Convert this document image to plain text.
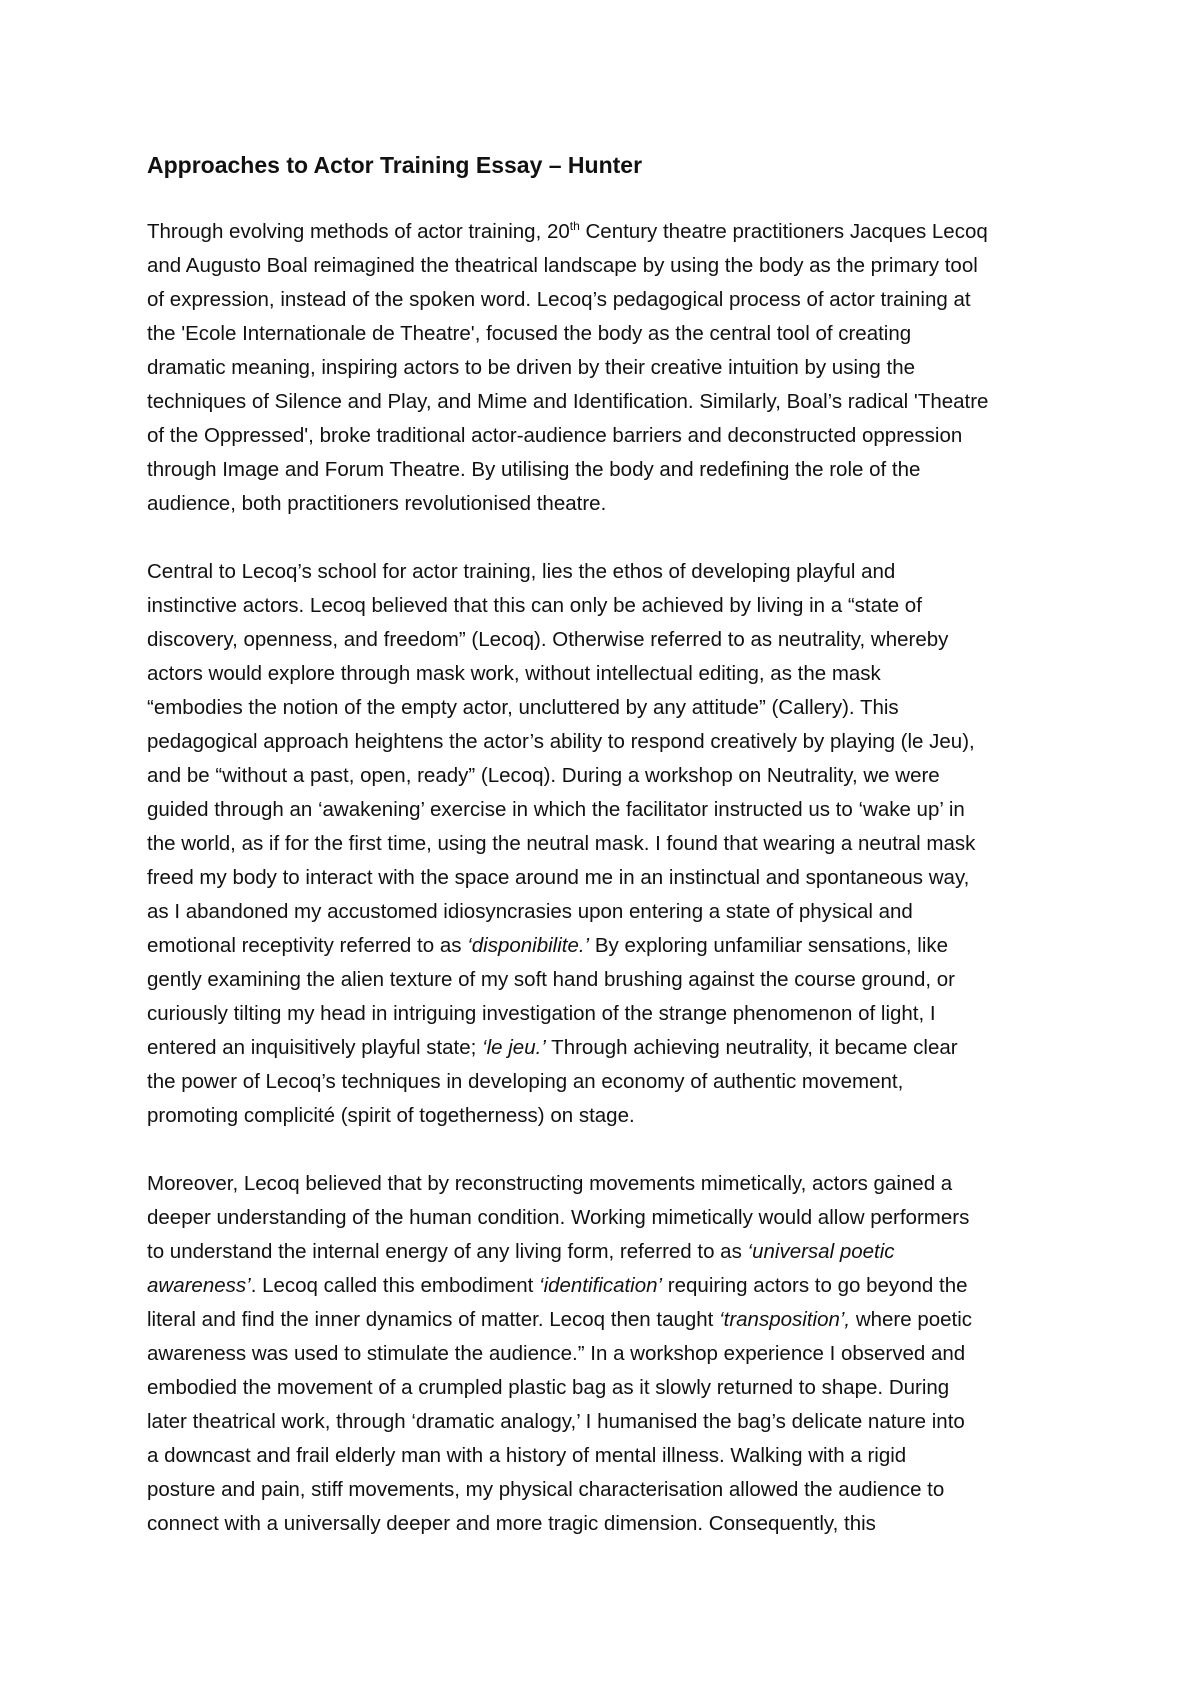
Approaches to Actor Training Essay – Hunter
Through evolving methods of actor training, 20th Century theatre practitioners Jacques Lecoq
and Augusto Boal reimagined the theatrical landscape by using the body as the primary tool
of expression, instead of the spoken word. Lecoq’s pedagogical process of actor training at
the 'Ecole Internationale de Theatre', focused the body as the central tool of creating
dramatic meaning, inspiring actors to be driven by their creative intuition by using the
techniques of Silence and Play, and Mime and Identification. Similarly, Boal’s radical 'Theatre
of the Oppressed', broke traditional actor-audience barriers and deconstructed oppression
through Image and Forum Theatre. By utilising the body and redefining the role of the
audience, both practitioners revolutionised theatre.
Central to Lecoq’s school for actor training, lies the ethos of developing playful and
instinctive actors. Lecoq believed that this can only be achieved by living in a “state of
discovery, openness, and freedom” (Lecoq). Otherwise referred to as neutrality, whereby
actors would explore through mask work, without intellectual editing, as the mask
“embodies the notion of the empty actor, uncluttered by any attitude” (Callery). This
pedagogical approach heightens the actor’s ability to respond creatively by playing (le Jeu),
and be “without a past, open, ready” (Lecoq). During a workshop on Neutrality, we were
guided through an ‘awakening’ exercise in which the facilitator instructed us to ‘wake up’ in
the world, as if for the first time, using the neutral mask. I found that wearing a neutral mask
freed my body to interact with the space around me in an instinctual and spontaneous way,
as I abandoned my accustomed idiosyncrasies upon entering a state of physical and
emotional receptivity referred to as ‘disponibilite.’ By exploring unfamiliar sensations, like
gently examining the alien texture of my soft hand brushing against the course ground, or
curiously tilting my head in intriguing investigation of the strange phenomenon of light, I
entered an inquisitively playful state; ‘le jeu.’ Through achieving neutrality, it became clear
the power of Lecoq’s techniques in developing an economy of authentic movement,
promoting complicité (spirit of togetherness) on stage.
Moreover, Lecoq believed that by reconstructing movements mimetically, actors gained a
deeper understanding of the human condition. Working mimetically would allow performers
to understand the internal energy of any living form, referred to as ‘universal poetic
awareness’. Lecoq called this embodiment ‘identification’ requiring actors to go beyond the
literal and find the inner dynamics of matter. Lecoq then taught ‘transposition’, where poetic
awareness was used to stimulate the audience.” In a workshop experience I observed and
embodied the movement of a crumpled plastic bag as it slowly returned to shape. During
later theatrical work, through ‘dramatic analogy,’ I humanised the bag’s delicate nature into
a downcast and frail elderly man with a history of mental illness. Walking with a rigid
posture and pain, stiff movements, my physical characterisation allowed the audience to
connect with a universally deeper and more tragic dimension. Consequently, this
